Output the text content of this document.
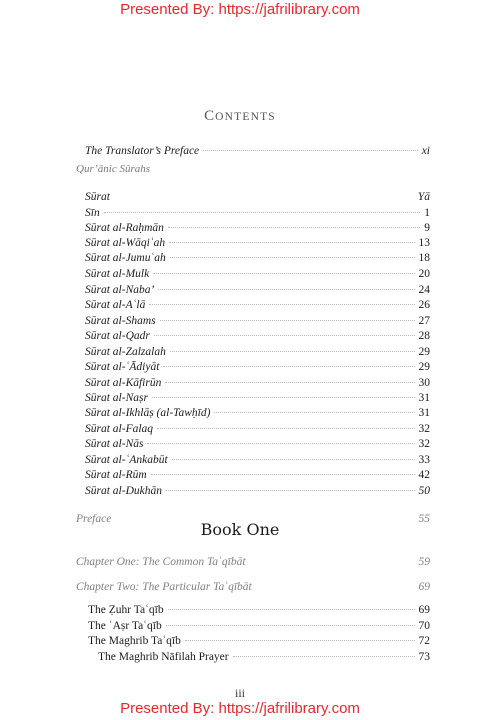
Presented By: https://jafrilibrary.com
CONTENTS
The Translator’s Preface	xi
Qur’ānic Sūrahs
Sūrat	Yā
Sīn	1
Sūrat al-Raḥmān	9
Sūrat al-Wāqiʿah	13
Sūrat al-Jumuʿah	18
Sūrat al-Mulk	20
Sūrat al-Naba’	24
Sūrat al-Aʿlā	26
Sūrat al-Shams	27
Sūrat al-Qadr	28
Sūrat al-Zalzalah	29
Sūrat al-ʿĀdiyāt	29
Sūrat al-Kāfirūn	30
Sūrat al-Naṣr	31
Sūrat al-Ikhlāṣ (al-Tawḥīd)	31
Sūrat al-Falaq	32
Sūrat al-Nās	32
Sūrat al-ʿAnkabūt	33
Sūrat al-Rūm	42
Sūrat al-Dukhān	50
Preface	55
Book One
Chapter One: The Common Taʿqībāt	59
Chapter Two: The Particular Taʿqībāt	69
The Ẓuhr Taʿqīb	69
The ʿAṣr Taʿqīb	70
The Maghrib Taʿqīb	72
The Maghrib Nāfilah Prayer	73
iii
Presented By: https://jafrilibrary.com
